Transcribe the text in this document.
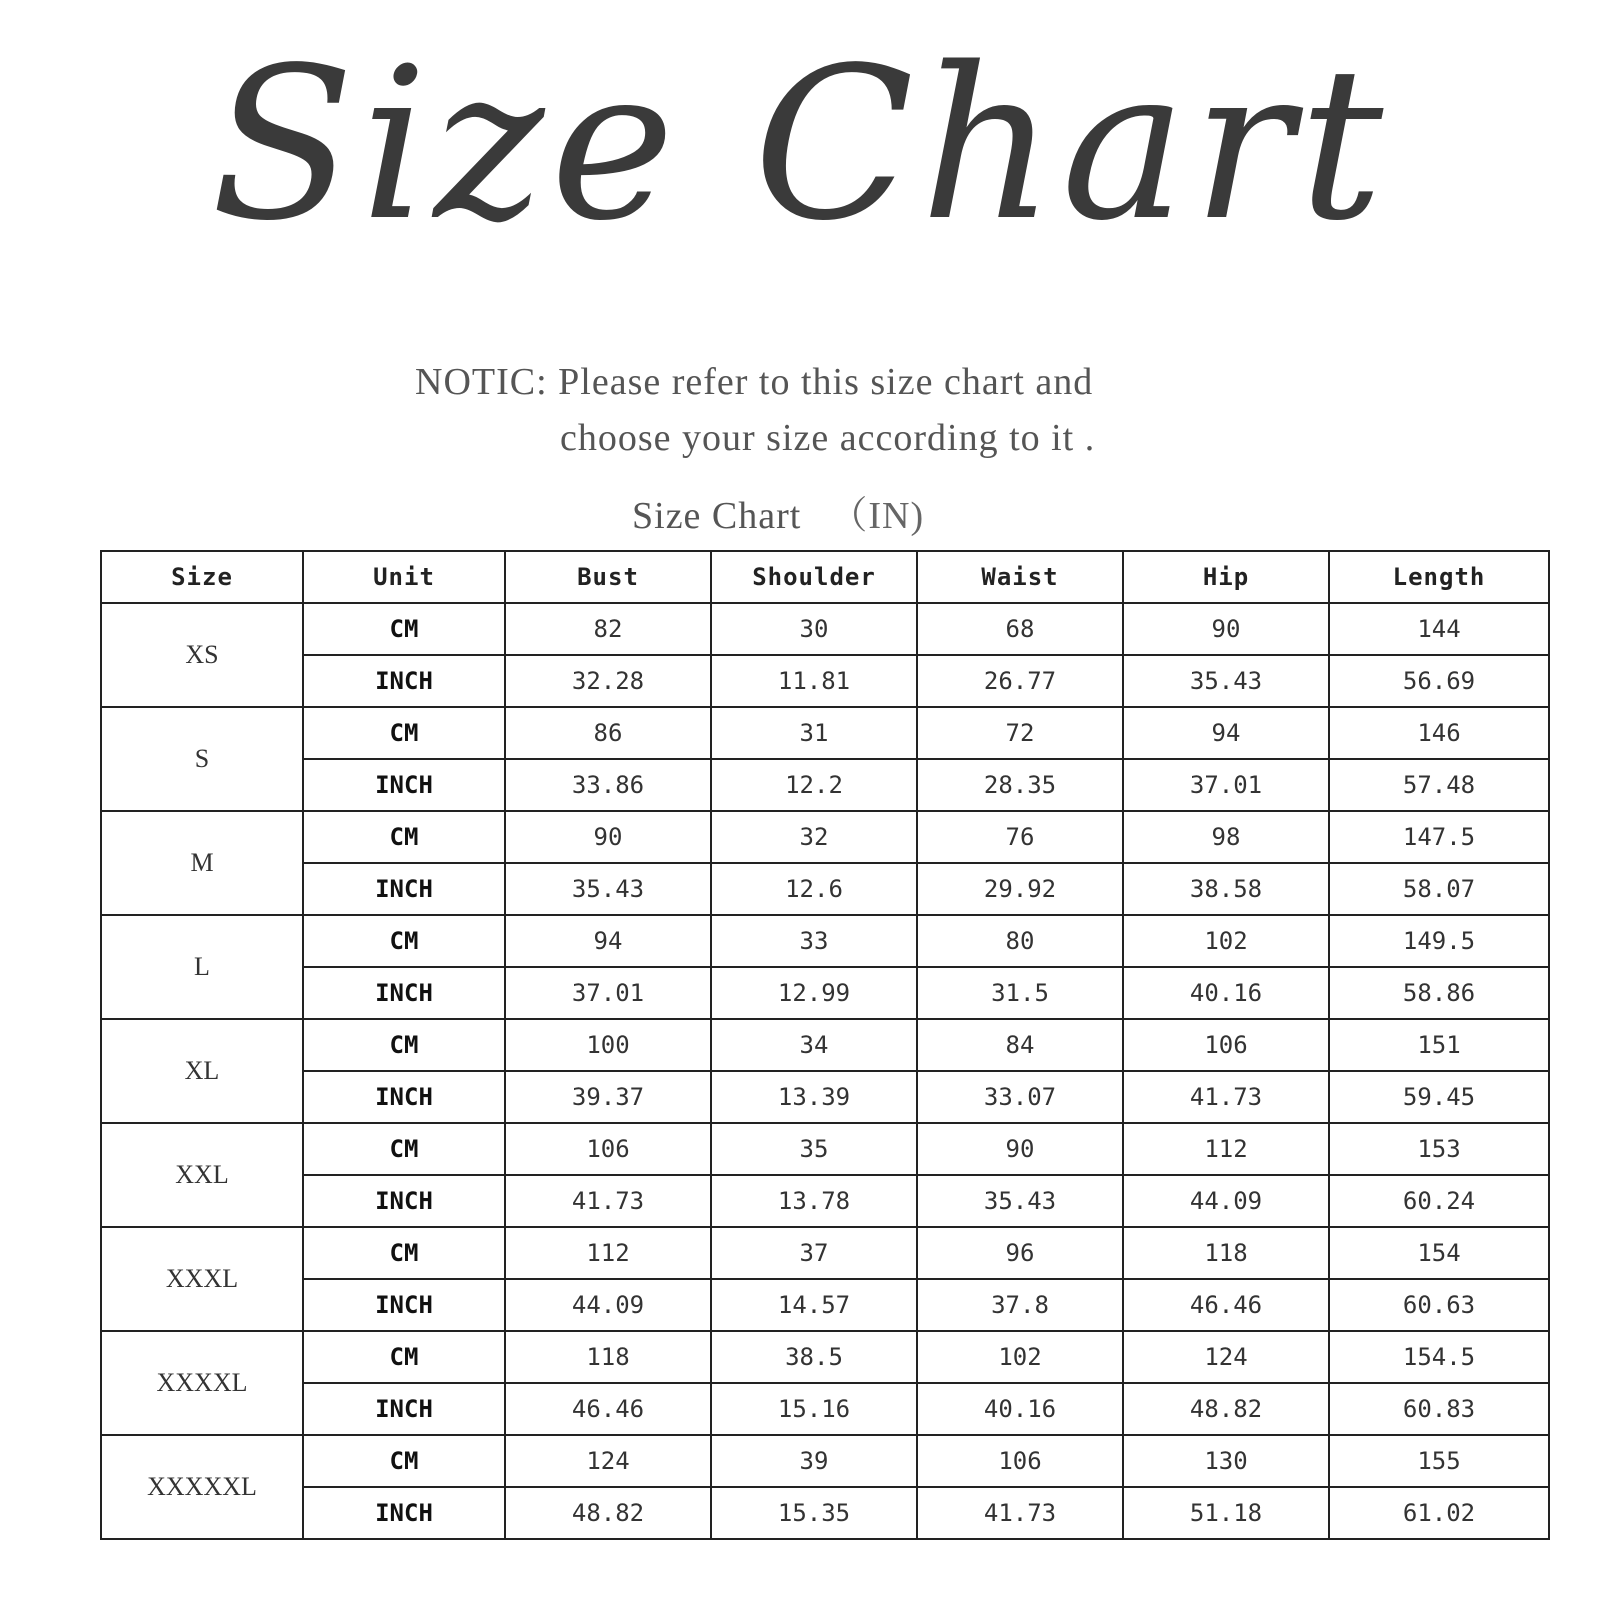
Size Chart
NOTIC: Please refer to this size chart and
choose your size according to it .
Size Chart （IN)
Size	Unit	Bust	Shoulder	Waist	Hip	Length
XS	CM	82	30	68	90	144
	INCH	32.28	11.81	26.77	35.43	56.69
S	CM	86	31	72	94	146
	INCH	33.86	12.2	28.35	37.01	57.48
M	CM	90	32	76	98	147.5
	INCH	35.43	12.6	29.92	38.58	58.07
L	CM	94	33	80	102	149.5
	INCH	37.01	12.99	31.5	40.16	58.86
XL	CM	100	34	84	106	151
	INCH	39.37	13.39	33.07	41.73	59.45
XXL	CM	106	35	90	112	153
	INCH	41.73	13.78	35.43	44.09	60.24
XXXL	CM	112	37	96	118	154
	INCH	44.09	14.57	37.8	46.46	60.63
XXXXL	CM	118	38.5	102	124	154.5
	INCH	46.46	15.16	40.16	48.82	60.83
XXXXXL	CM	124	39	106	130	155
	INCH	48.82	15.35	41.73	51.18	61.02
